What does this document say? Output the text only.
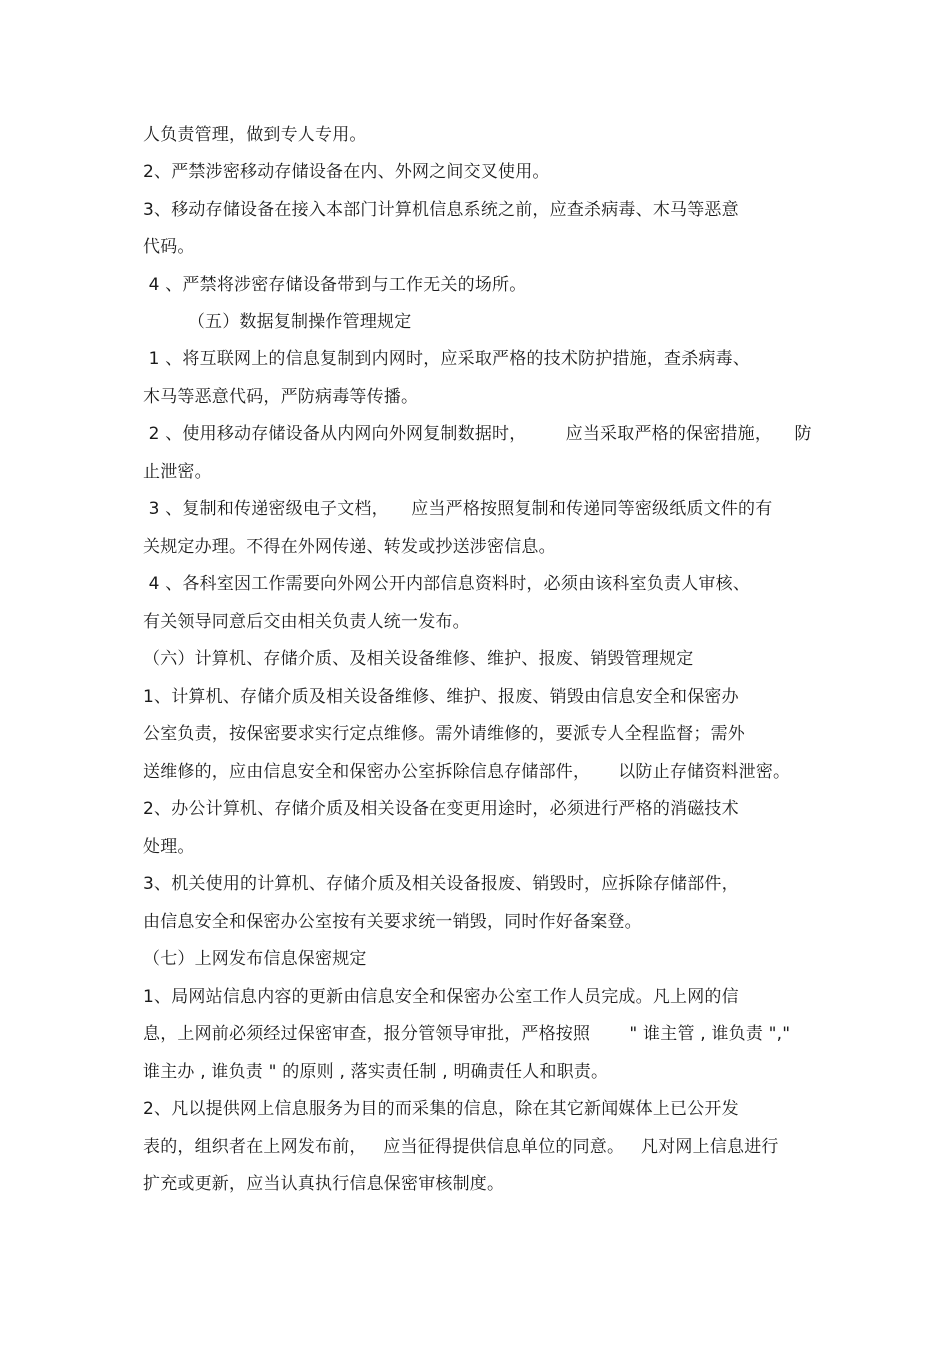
人负责管理，做到专人专用。
2、严禁涉密移动存储设备在内、外网之间交叉使用。
3、移动存储设备在接入本部门计算机信息系统之前，应查杀病毒、木马等恶意
代码。
4 、严禁将涉密存储设备带到与工作无关的场所。
（五）数据复制操作管理规定
1 、将互联网上的信息复制到内网时，应采取严格的技术防护措施，查杀病毒、
木马等恶意代码，严防病毒等传播。
2 、使用移动存储设备从内网向外网复制数据时，       应当采取严格的保密措施，    防
止泄密。
3 、复制和传递密级电子文档，    应当严格按照复制和传递同等密级纸质文件的有
关规定办理。不得在外网传递、转发或抄送涉密信息。
4 、各科室因工作需要向外网公开内部信息资料时，必须由该科室负责人审核、
有关领导同意后交由相关负责人统一发布。
（六）计算机、存储介质、及相关设备维修、维护、报废、销毁管理规定
1、计算机、存储介质及相关设备维修、维护、报废、销毁由信息安全和保密办
公室负责，按保密要求实行定点维修。需外请维修的，要派专人全程监督；需外
送维修的，应由信息安全和保密办公室拆除信息存储部件，     以防止存储资料泄密。
2、办公计算机、存储介质及相关设备在变更用途时，必须进行严格的消磁技术
处理。
3、机关使用的计算机、存储介质及相关设备报废、销毁时，应拆除存储部件，
由信息安全和保密办公室按有关要求统一销毁，同时作好备案登。
（七）上网发布信息保密规定
1、局网站信息内容的更新由信息安全和保密办公室工作人员完成。凡上网的信
息，上网前必须经过保密审查，报分管领导审批，严格按照       " 谁主管 , 谁负责 ","
谁主办 , 谁负责 " 的原则 , 落实责任制 , 明确责任人和职责。
2、凡以提供网上信息服务为目的而采集的信息，除在其它新闻媒体上已公开发
表的，组织者在上网发布前，   应当征得提供信息单位的同意。   凡对网上信息进行
扩充或更新，应当认真执行信息保密审核制度。
